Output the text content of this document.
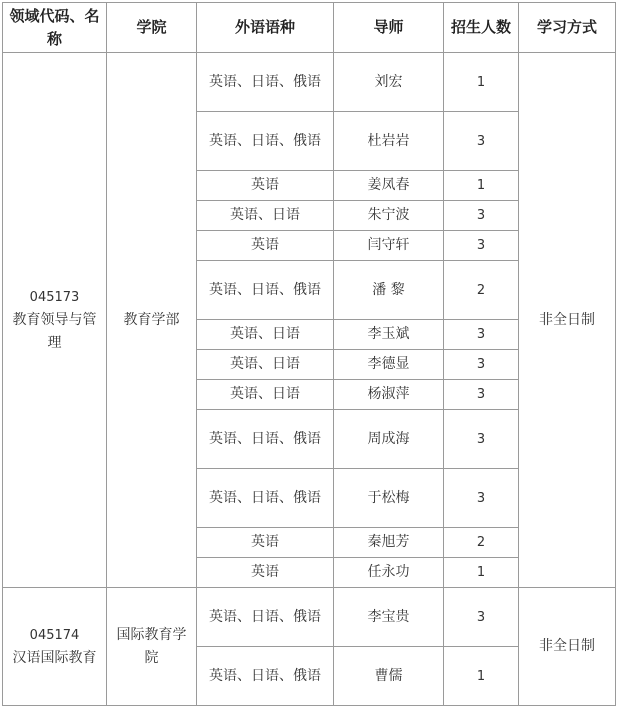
领域代码、名称	学院	外语语种	导师	招生人数	学习方式

045173
教育领导与管理	教育学部	英语、日语、俄语	刘宏	1	非全日制
		英语、日语、俄语	杜岩岩	3	
		英语	姜凤春	1	
		英语、日语	朱宁波	3	
		英语	闫守轩	3	
		英语、日语、俄语	潘 黎	2	
		英语、日语	李玉斌	3	
		英语、日语	李德显	3	
		英语、日语	杨淑萍	3	
		英语、日语、俄语	周成海	3	
		英语、日语、俄语	于松梅	3	
		英语	秦旭芳	2	
		英语	任永功	1	

045174
汉语国际教育	国际教育学院	英语、日语、俄语	李宝贵	3	非全日制
		英语、日语、俄语	曹儒	1	
